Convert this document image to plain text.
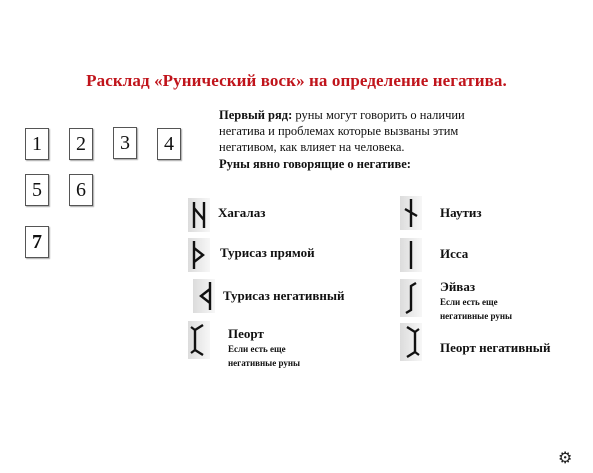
Расклад «Рунический воск» на определение негатива.
1	2	3	4
5	6
7
Первый ряд: руны могут говорить о наличии
негатива и проблемах которые вызваны этим
негативом, как влияет на человека.
Руны явно говорящие о негативе:
Хагалаз
Турисаз прямой
Турисаз негативный
Пеорт
Если есть еще
негативные руны
Наутиз
Исса
Эйваз
Если есть еще
негативные руны
Пеорт негативный
⚙
